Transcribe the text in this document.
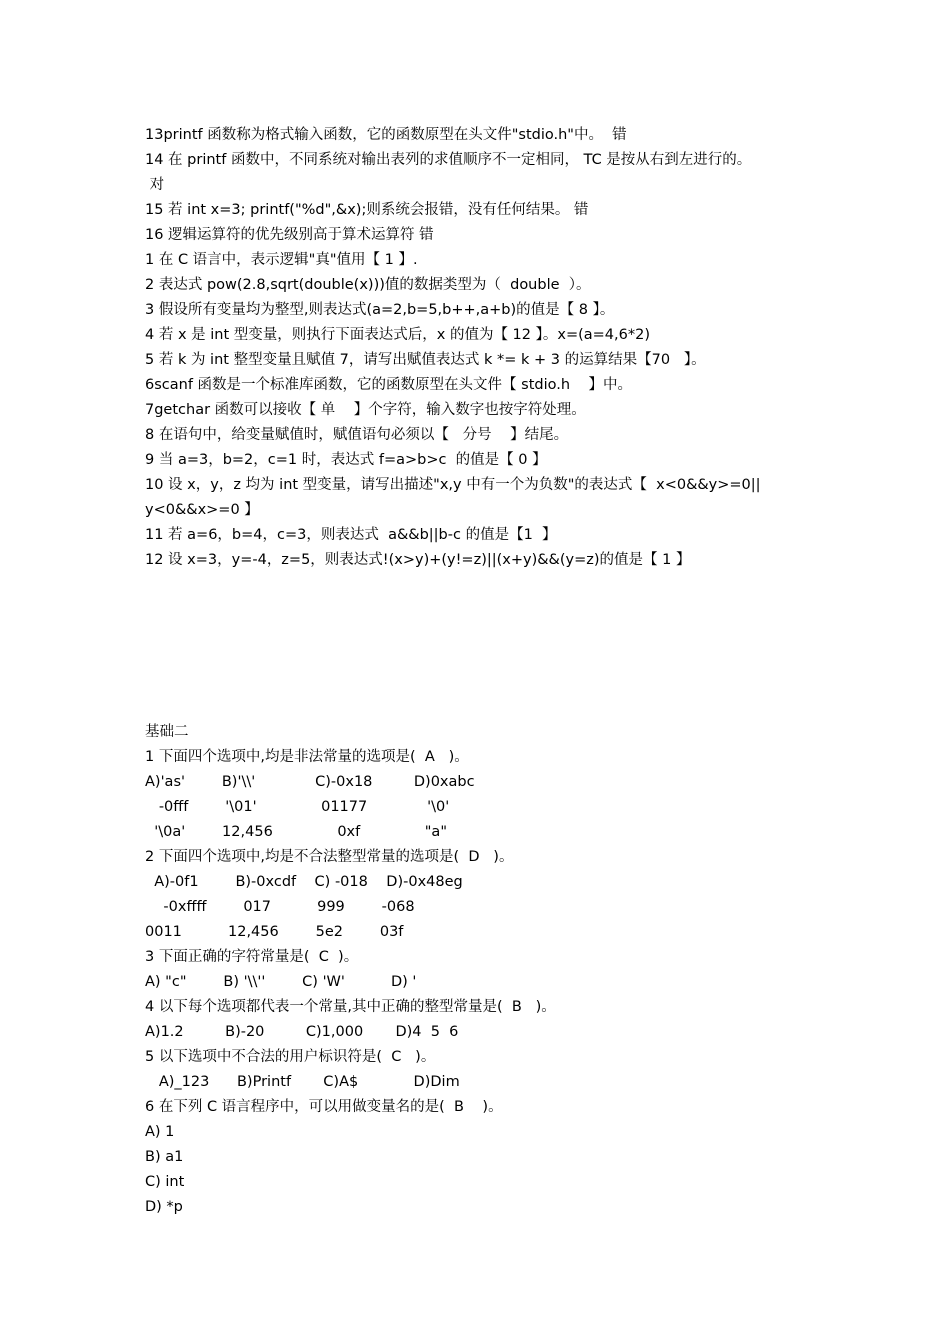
13printf 函数称为格式输入函数，它的函数原型在头文件"stdio.h"中。  错
14 在 printf 函数中，不同系统对输出表列的求值顺序不一定相同， TC 是按从右到左进行的。
对
15 若 int x=3; printf("%d",&x);则系统会报错，没有任何结果。 错
16 逻辑运算符的优先级别高于算术运算符 错
1 在 C 语言中，表示逻辑"真"值用【 1 】.
2 表达式 pow(2.8,sqrt(double(x)))值的数据类型为（  double  ）。
3 假设所有变量均为整型,则表达式(a=2,b=5,b++,a+b)的值是【 8 】。
4 若 x 是 int 型变量，则执行下面表达式后，x 的值为【 12 】。x=(a=4,6*2)
5 若 k 为 int 整型变量且赋值 7，请写出赋值表达式 k *= k + 3 的运算结果【70   】。
6scanf 函数是一个标准库函数，它的函数原型在头文件【 stdio.h    】中。
7getchar 函数可以接收【 单    】个字符，输入数字也按字符处理。
8 在语句中，给变量赋值时，赋值语句必须以【   分号    】结尾。
9 当 a=3，b=2，c=1 时，表达式 f=a>b>c  的值是【 0 】
10 设 x，y，z 均为 int 型变量，请写出描述"x,y 中有一个为负数"的表达式【  x<0&&y>=0||
y<0&&x>=0 】
11 若 a=6，b=4，c=3，则表达式  a&&b||b-c 的值是【1  】
12 设 x=3，y=-4，z=5，则表达式!(x>y)+(y!=z)||(x+y)&&(y=z)的值是【 1 】
基础二
1 下面四个选项中,均是非法常量的选项是(  A   )。
A)'as'        B)'\\'             C)-0x18         D)0xabc
-0fff        '\01'              01177             '\0'
'\0a'        12,456              0xf              "a"
2 下面四个选项中,均是不合法整型常量的选项是(  D   )。
A)-0f1        B)-0xcdf    C) -018    D)-0x48eg
-0xffff        017          999        -068
0011          12,456        5e2        03f
3 下面正确的字符常量是(  C  )。
A) "c"        B) '\\''        C) 'W'          D) '
4 以下每个选项都代表一个常量,其中正确的整型常量是(  B   )。
A)1.2         B)-20         C)1,000       D)4  5  6
5 以下选项中不合法的用户标识符是(  C   )。
A)_123      B)Printf       C)A$            D)Dim
6 在下列 C 语言程序中，可以用做变量名的是(  B    )。
A) 1
B) a1
C) int
D) *p
